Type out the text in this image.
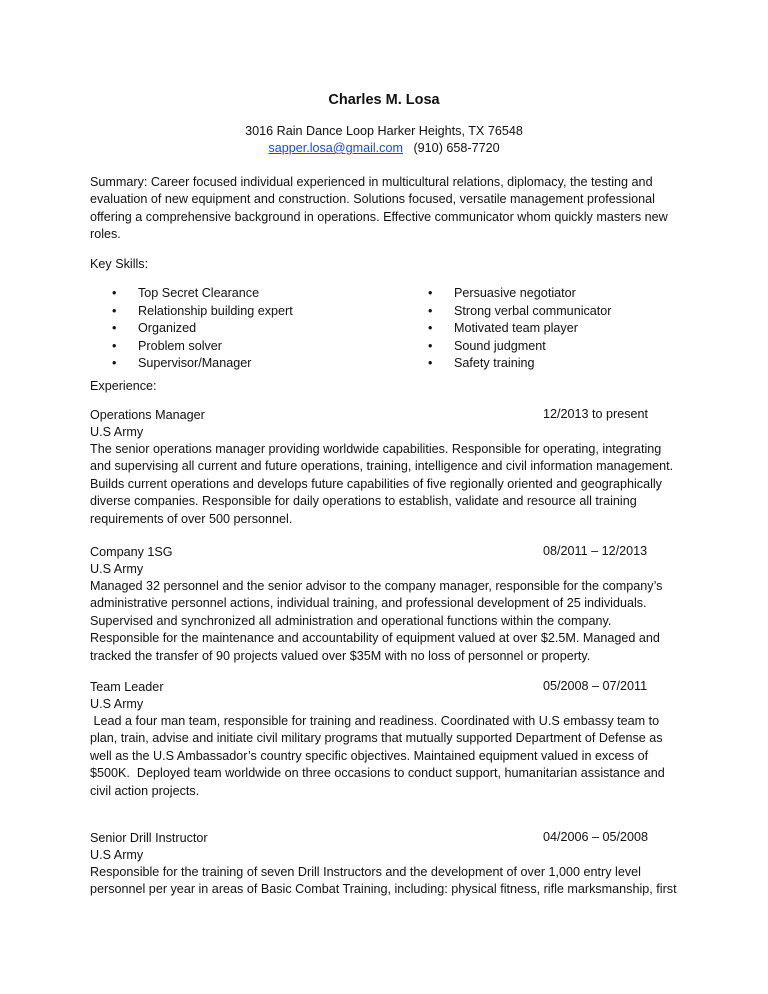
Charles M. Losa
3016 Rain Dance Loop Harker Heights, TX 76548
sapper.losa@gmail.com (910) 658-7720
Summary: Career focused individual experienced in multicultural relations, diplomacy, the testing and evaluation of new equipment and construction. Solutions focused, versatile management professional offering a comprehensive background in operations. Effective communicator whom quickly masters new roles.
Key Skills:
• Top Secret Clearance
• Relationship building expert
• Organized
• Problem solver
• Supervisor/Manager
• Persuasive negotiator
• Strong verbal communicator
• Motivated team player
• Sound judgment
• Safety training
Experience:
Operations Manager	12/2013 to present
U.S Army
The senior operations manager providing worldwide capabilities. Responsible for operating, integrating and supervising all current and future operations, training, intelligence and civil information management. Builds current operations and develops future capabilities of five regionally oriented and geographically diverse companies. Responsible for daily operations to establish, validate and resource all training requirements of over 500 personnel.
Company 1SG	08/2011 – 12/2013
U.S Army
Managed 32 personnel and the senior advisor to the company manager, responsible for the company’s administrative personnel actions, individual training, and professional development of 25 individuals. Supervised and synchronized all administration and operational functions within the company. Responsible for the maintenance and accountability of equipment valued at over $2.5M. Managed and tracked the transfer of 90 projects valued over $35M with no loss of personnel or property.
Team Leader	05/2008 – 07/2011
U.S Army
Lead a four man team, responsible for training and readiness. Coordinated with U.S embassy team to plan, train, advise and initiate civil military programs that mutually supported Department of Defense as well as the U.S Ambassador’s country specific objectives. Maintained equipment valued in excess of $500K.  Deployed team worldwide on three occasions to conduct support, humanitarian assistance and civil action projects.
Senior Drill Instructor	04/2006 – 05/2008
U.S Army
Responsible for the training of seven Drill Instructors and the development of over 1,000 entry level personnel per year in areas of Basic Combat Training, including: physical fitness, rifle marksmanship, first
